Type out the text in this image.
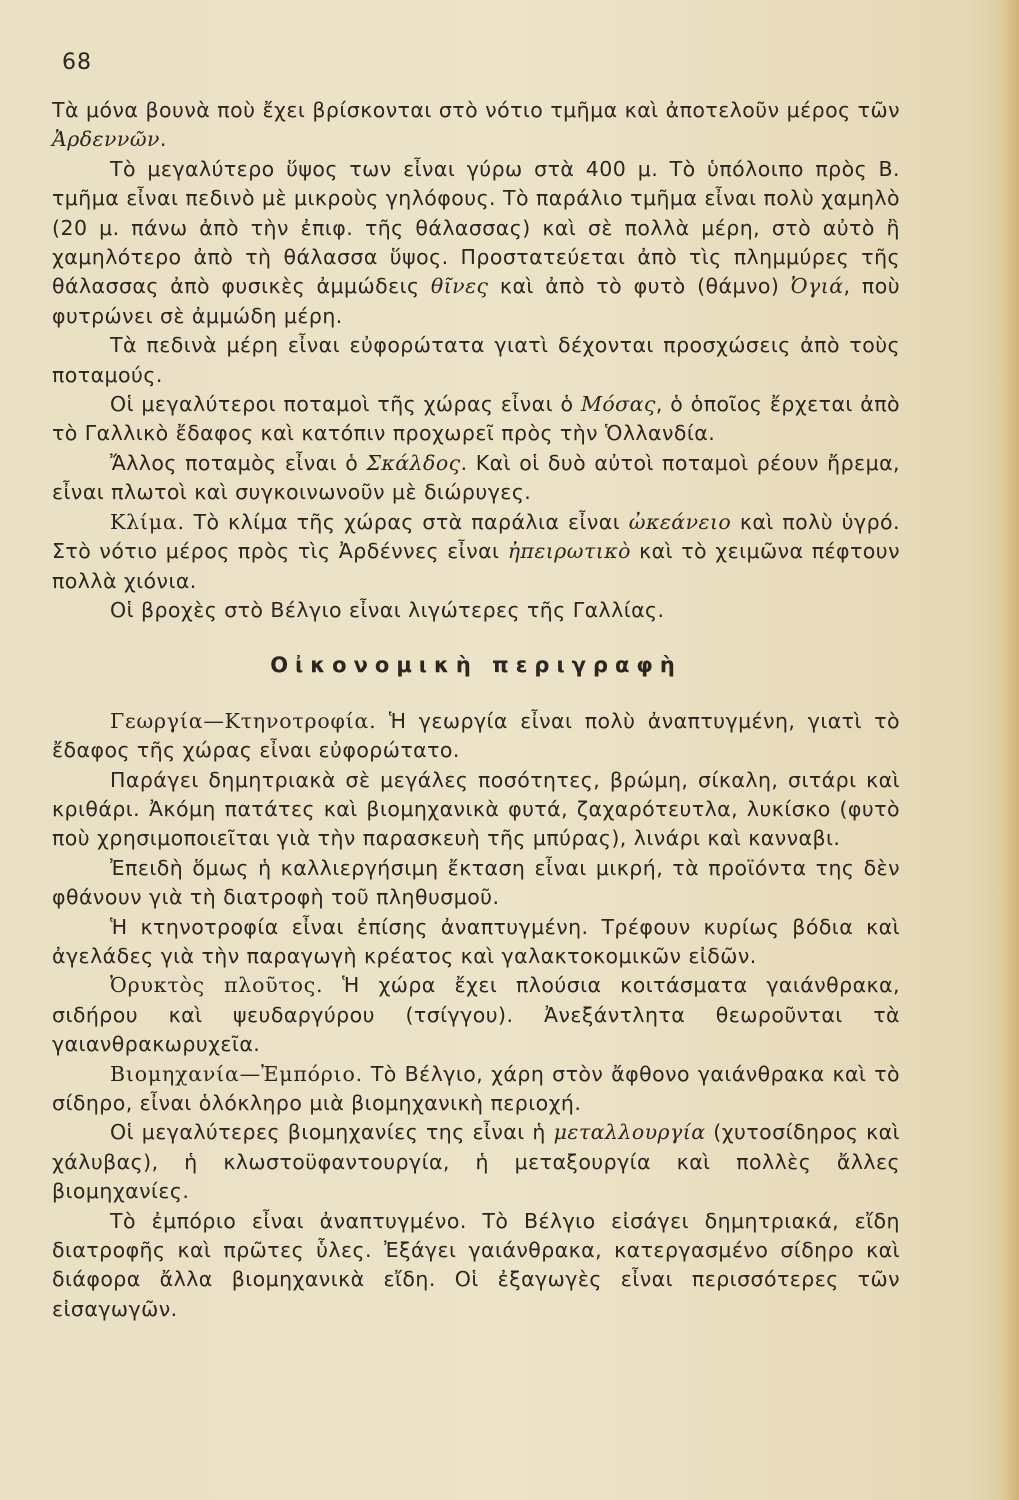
68

Τὰ μόνα βουνὰ ποὺ ἔχει βρίσκονται στὸ νότιο τμῆμα καὶ ἀποτελοῦν μέρος τῶν Ἀρδεννῶν.

Τὸ μεγαλύτερο ὕψος των εἶναι γύρω στὰ 400 μ. Τὸ ὑπόλοιπο πρὸς Β. τμῆμα εἶναι πεδινὸ μὲ μικροὺς γηλόφους. Τὸ παράλιο τμῆμα εἶναι πολὺ χαμηλὸ (20 μ. πάνω ἀπὸ τὴν ἐπιφ. τῆς θάλασσας) καὶ σὲ πολλὰ μέρη, στὸ αὐτὸ ἢ χαμηλότερο ἀπὸ τὴ θάλασσα ὕψος. Προστατεύεται ἀπὸ τὶς πλημμύρες τῆς θάλασσας ἀπὸ φυσικὲς ἀμμώδεις θῖνες καὶ ἀπὸ τὸ φυτὸ (θάμνο) Ὀγιά, ποὺ φυτρώνει σὲ ἀμμώδη μέρη.

Τὰ πεδινὰ μέρη εἶναι εὐφορώτατα γιατὶ δέχονται προσχώσεις ἀπὸ τοὺς ποταμούς.

Οἱ μεγαλύτεροι ποταμοὶ τῆς χώρας εἶναι ὁ Μόσας, ὁ ὁποῖος ἔρχεται ἀπὸ τὸ Γαλλικὸ ἔδαφος καὶ κατόπιν προχωρεῖ πρὸς τὴν Ὁλλανδία.

Ἄλλος ποταμὸς εἶναι ὁ Σκάλδος. Καὶ οἱ δυὸ αὐτοὶ ποταμοὶ ρέουν ἤρεμα, εἶναι πλωτοὶ καὶ συγκοινωνοῦν μὲ διώρυγες.

Κλίμα. Τὸ κλίμα τῆς χώρας στὰ παράλια εἶναι ὠκεάνειο καὶ πολὺ ὑγρό. Στὸ νότιο μέρος πρὸς τὶς Ἀρδέννες εἶναι ἠπειρωτικὸ καὶ τὸ χειμῶνα πέφτουν πολλὰ χιόνια.

Οἱ βροχὲς στὸ Βέλγιο εἶναι λιγώτερες τῆς Γαλλίας.

Οἰκονομικὴ περιγραφὴ

Γεωργία—Κτηνοτροφία. Ἡ γεωργία εἶναι πολὺ ἀναπτυγμένη, γιατὶ τὸ ἔδαφος τῆς χώρας εἶναι εὐφορώτατο.

Παράγει δημητριακὰ σὲ μεγάλες ποσότητες, βρώμη, σίκαλη, σιτάρι καὶ κριθάρι. Ἀκόμη πατάτες καὶ βιομηχανικὰ φυτά, ζαχαρότευτλα, λυκίσκο (φυτὸ ποὺ χρησιμοποιεῖται γιὰ τὴν παρασκευὴ τῆς μπύρας), λινάρι καὶ κανναβι.

Ἐπειδὴ ὅμως ἡ καλλιεργήσιμη ἔκταση εἶναι μικρή, τὰ προϊόντα της δὲν φθάνουν γιὰ τὴ διατροφὴ τοῦ πληθυσμοῦ.

Ἡ κτηνοτροφία εἶναι ἐπίσης ἀναπτυγμένη. Τρέφουν κυρίως βόδια καὶ ἀγελάδες γιὰ τὴν παραγωγὴ κρέατος καὶ γαλακτοκομικῶν εἰδῶν.

Ὀρυκτὸς πλοῦτος. Ἡ χώρα ἔχει πλούσια κοιτάσματα γαιάνθρακα, σιδήρου καὶ ψευδαργύρου (τσίγγου). Ἀνεξάντλητα θεωροῦνται τὰ γαιανθρακωρυχεῖα.

Βιομηχανία—Ἐμπόριο. Τὸ Βέλγιο, χάρη στὸν ἄφθονο γαιάνθρακα καὶ τὸ σίδηρο, εἶναι ὁλόκληρο μιὰ βιομηχανικὴ περιοχή.

Οἱ μεγαλύτερες βιομηχανίες της εἶναι ἡ μεταλλουργία (χυτοσίδηρος καὶ χάλυβας), ἡ κλωστοϋφαντουργία, ἡ μεταξουργία καὶ πολλὲς ἄλλες βιομηχανίες.

Τὸ ἐμπόριο εἶναι ἀναπτυγμένο. Τὸ Βέλγιο εἰσάγει δημητριακά, εἴδη διατροφῆς καὶ πρῶτες ὗλες. Ἐξάγει γαιάνθρακα, κατεργασμένο σίδηρο καὶ διάφορα ἄλλα βιομηχανικὰ εἴδη. Οἱ ἐξαγωγὲς εἶναι περισσότερες τῶν εἰσαγωγῶν.
